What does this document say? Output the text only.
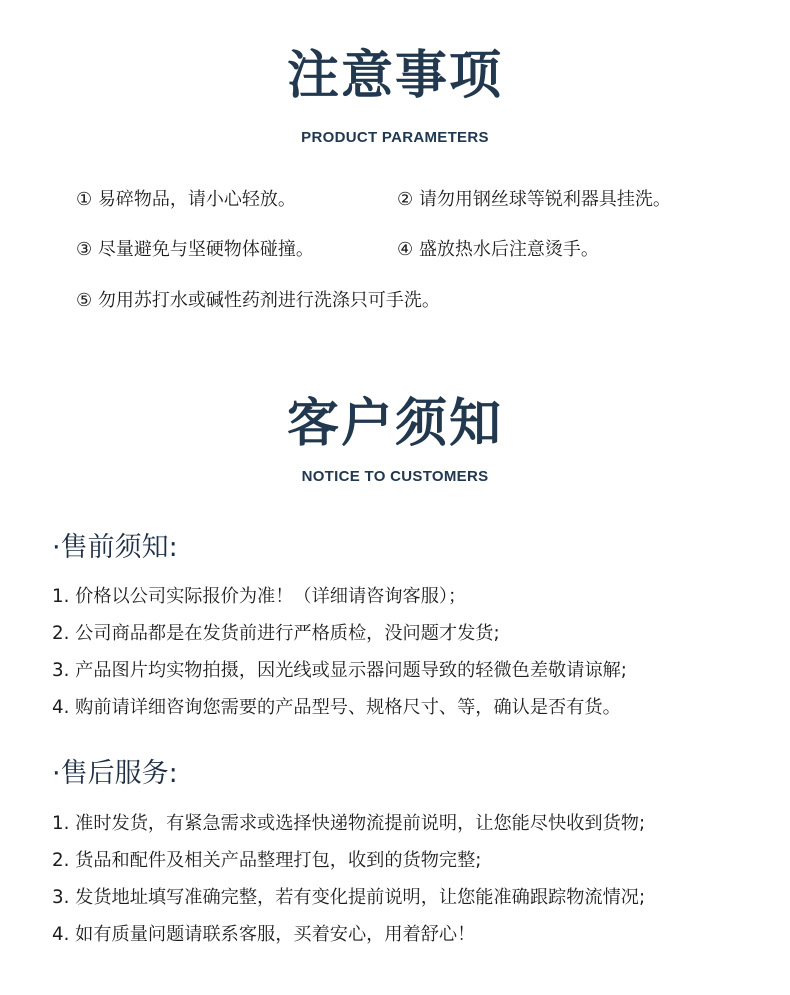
注意事项

PRODUCT PARAMETERS

① 易碎物品，请小心轻放。	② 请勿用钢丝球等锐利器具挂洗。
③ 尽量避免与坚硬物体碰撞。	④ 盛放热水后注意烫手。
⑤ 勿用苏打水或碱性药剂进行洗涤只可手洗。
客户须知

NOTICE TO CUSTOMERS

·售前须知:
1. 价格以公司实际报价为准！（详细请咨询客服）；
2. 公司商品都是在发货前进行严格质检，没问题才发货;
3. 产品图片均实物拍摄，因光线或显示器问题导致的轻微色差敬请谅解;
4. 购前请详细咨询您需要的产品型号、规格尺寸、等，确认是否有货。
·售后服务:
1. 准时发货，有紧急需求或选择快递物流提前说明，让您能尽快收到货物;
2. 货品和配件及相关产品整理打包，收到的货物完整;
3. 发货地址填写准确完整，若有变化提前说明，让您能准确跟踪物流情况;
4. 如有质量问题请联系客服，买着安心，用着舒心！
